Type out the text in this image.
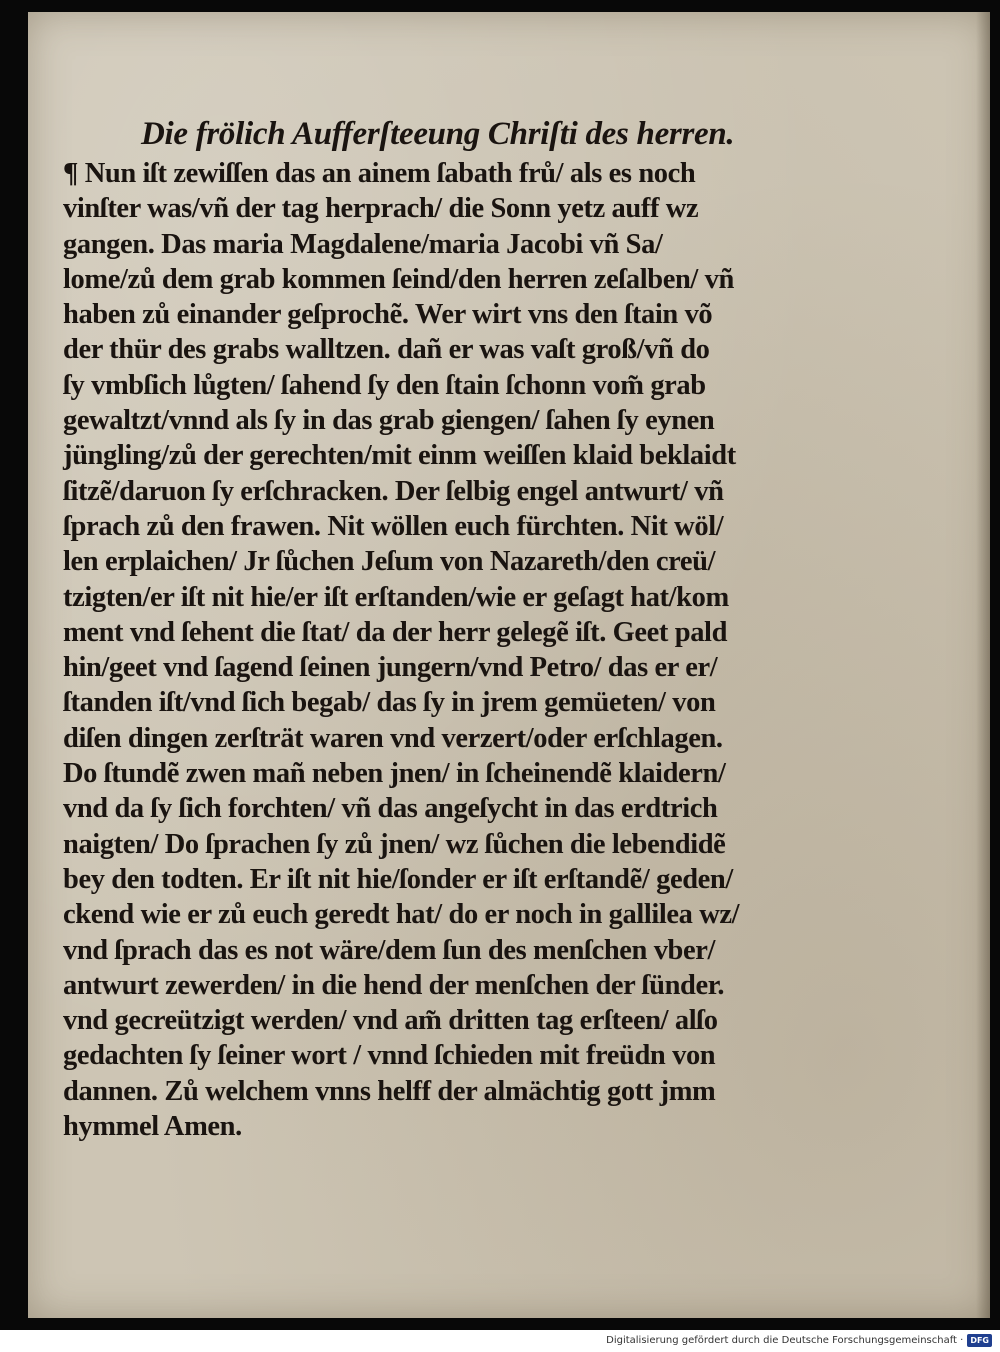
Die frölich Aufferſteeung Chriſti des herren.
¶ Nun iſt zewiſſen das an ainem ſabath frů/ als es noch
vinſter was/vñ der tag herprach/ die Sonn yetz auff wz
gangen. Das maria Magdalene/maria Jacobi vñ Sa/
lome/zů dem grab kommen ſeind/den herren zeſalben/ vñ
haben zů einander geſprochẽ. Wer wirt vns den ſtain võ
der thür des grabs walltzen. dañ er was vaſt groß/vñ do
ſy vmbſich lůgten/ ſahend ſy den ſtain ſchonn vom̃ grab
gewaltzt/vnnd als ſy in das grab giengen/ ſahen ſy eynen
jüngling/zů der gerechten/mit einm weiſſen klaid beklaidt
ſitzẽ/daruon ſy erſchracken. Der ſelbig engel antwurt/ vñ
ſprach zů den frawen. Nit wöllen euch fürchten. Nit wöl/
len erplaichen/ Jr ſůchen Jeſum von Nazareth/den creü/
tzigten/er iſt nit hie/er iſt erſtanden/wie er geſagt hat/kom
ment vnd ſehent die ſtat/ da der herr gelegẽ iſt. Geet pald
hin/geet vnd ſagend ſeinen jungern/vnd Petro/ das er er/
ſtanden iſt/vnd ſich begab/ das ſy in jrem gemüeten/ von
diſen dingen zerſträt waren vnd verzert/oder erſchlagen.
Do ſtundẽ zwen mañ neben jnen/ in ſcheinendẽ klaidern/
vnd da ſy ſich forchten/ vñ das angeſycht in das erdtrich
naigten/ Do ſprachen ſy zů jnen/ wz ſůchen die lebendidẽ
bey den todten. Er iſt nit hie/ſonder er iſt erſtandẽ/ geden/
ckend wie er zů euch geredt hat/ do er noch in gallilea wz/
vnd ſprach das es not wäre/dem ſun des menſchen vber/
antwurt zewerden/ in die hend der menſchen der ſünder.
vnd gecreützigt werden/ vnd am̃ dritten tag erſteen/ alſo
gedachten ſy ſeiner wort / vnnd ſchieden mit freüdn von
dannen. Zů welchem vnns helff der almächtig gott jmm
hymmel Amen.
Digitalisierung gefördert durch die Deutsche Forschungsgemeinschaft · DFG
